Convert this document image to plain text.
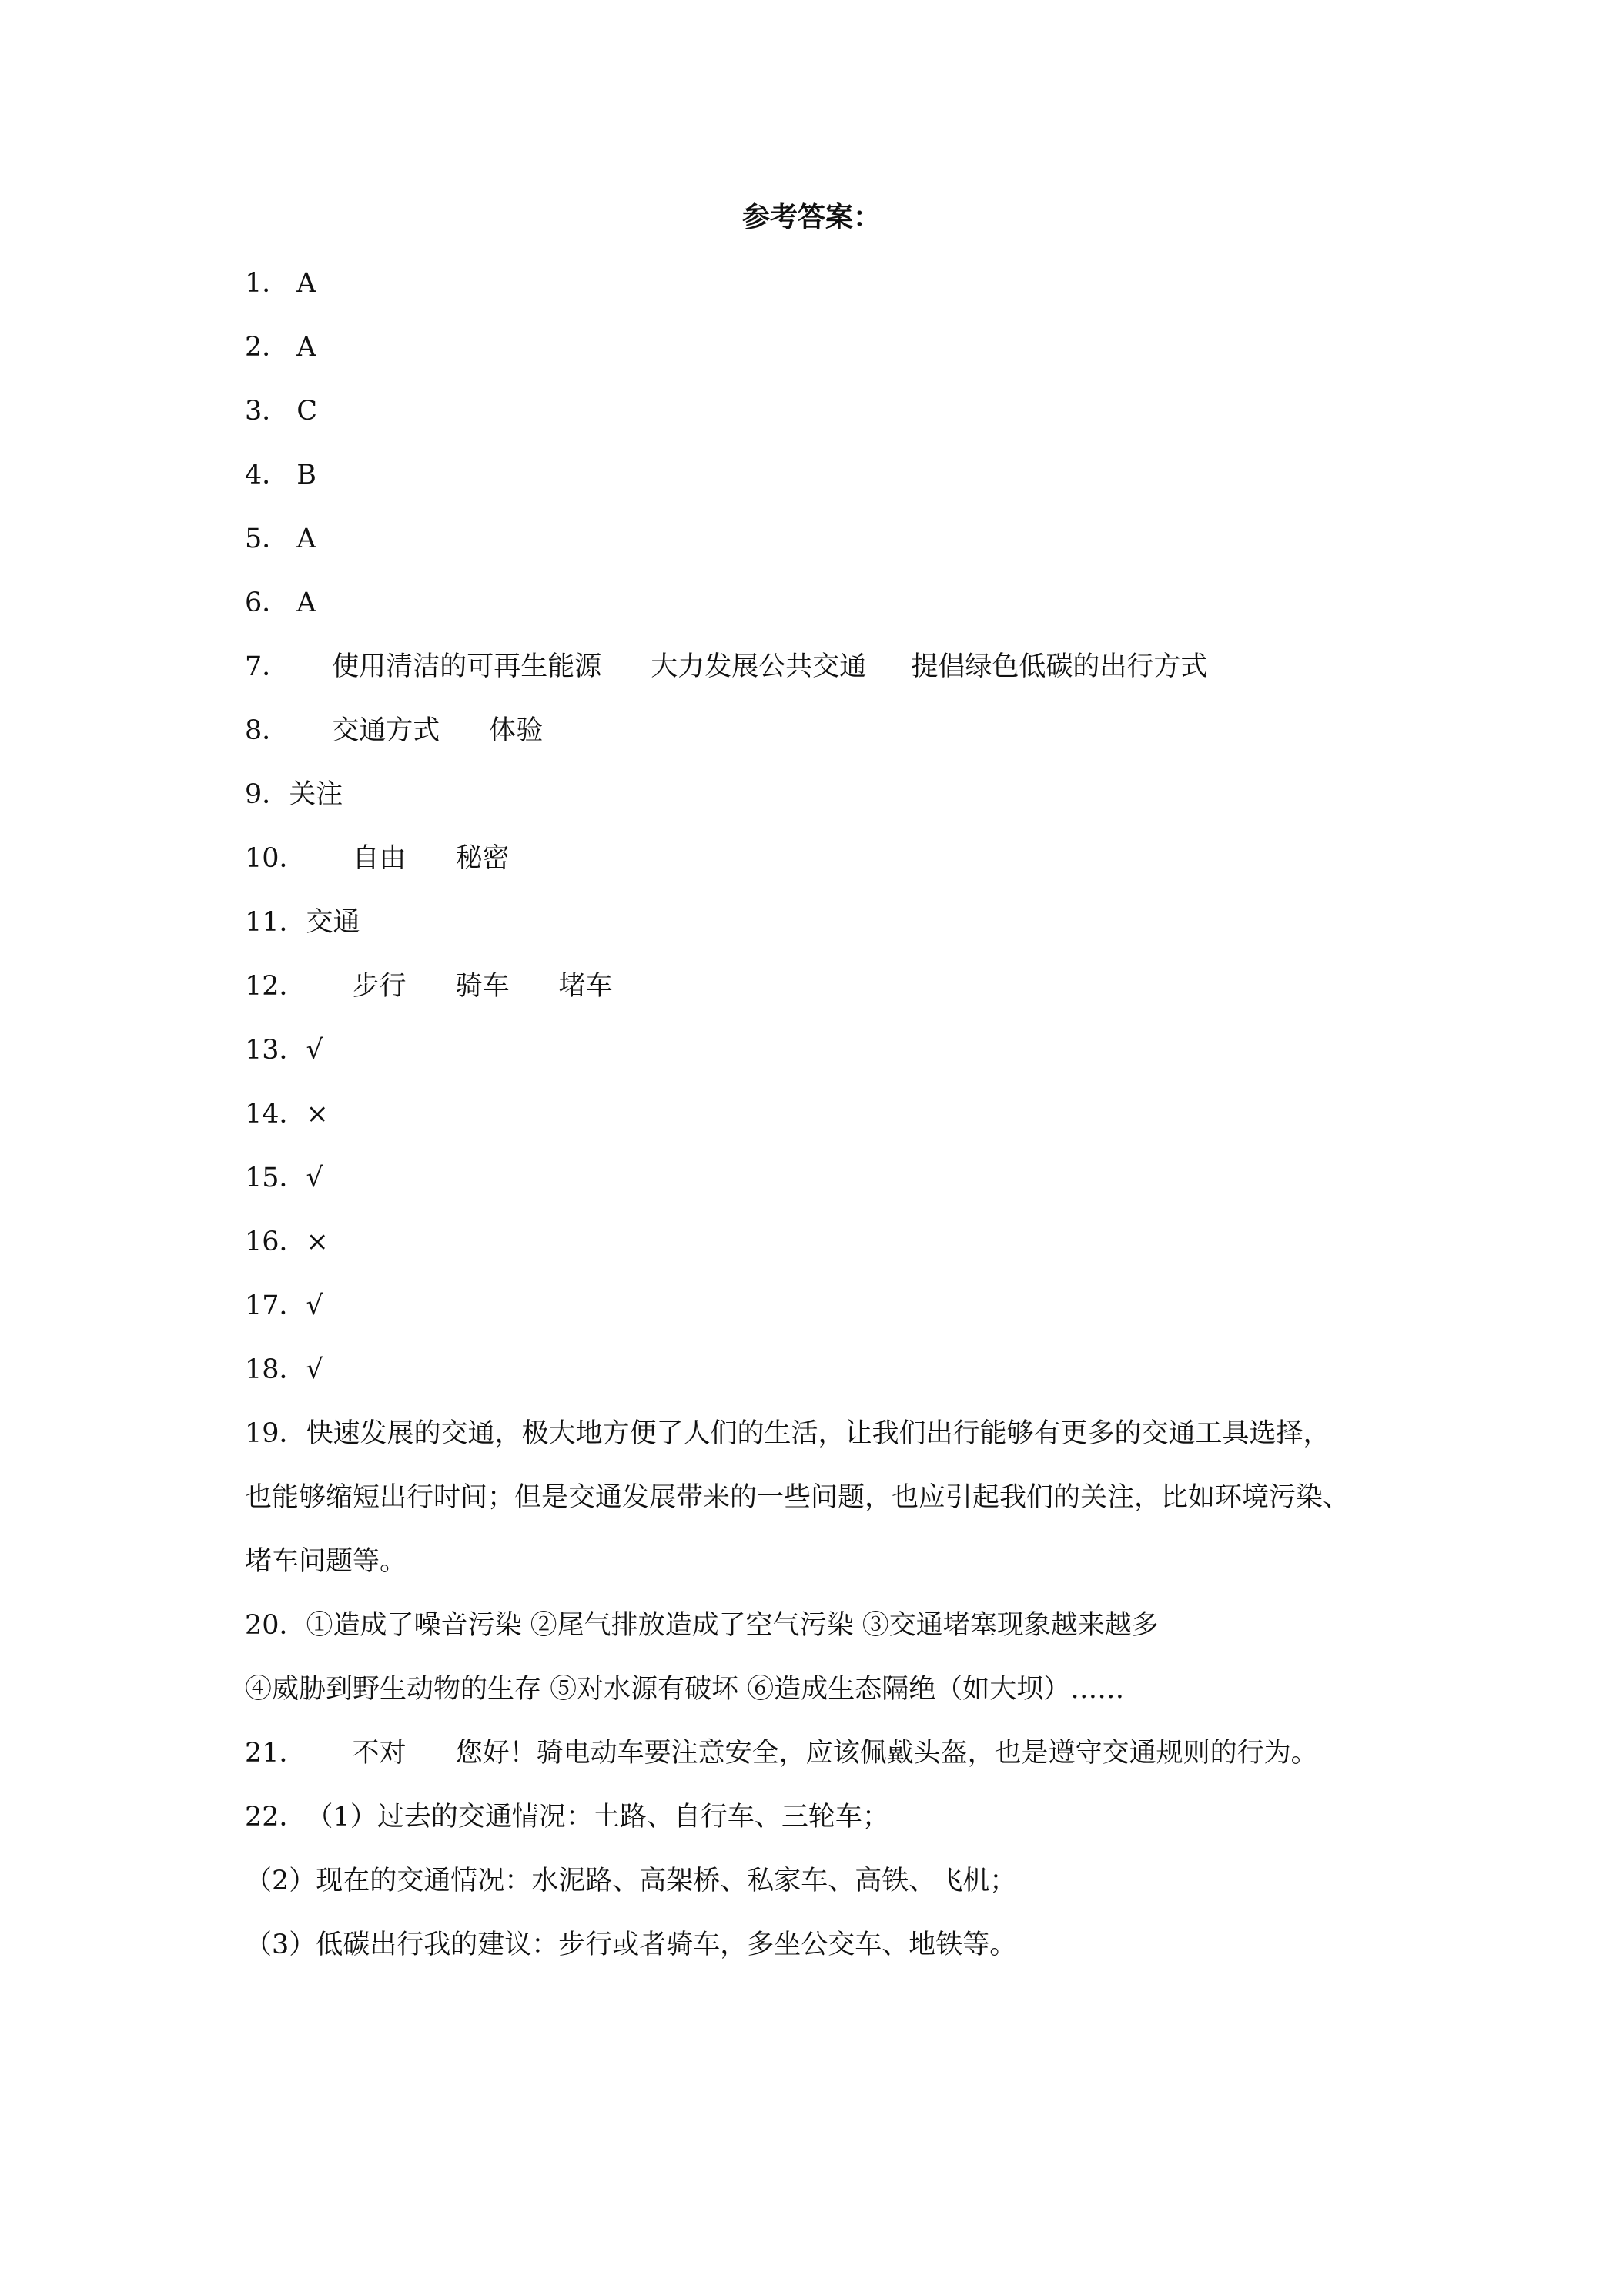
参考答案：
1． A
2． A
3． C
4． B
5． A
6． A
7． 使用清洁的可再生能源 大力发展公共交通 提倡绿色低碳的出行方式
8． 交通方式 体验
9． 关注
10． 自由 秘密
11． 交通
12． 步行 骑车 堵车
13． √
14． ×
15． √
16． ×
17． √
18． √
19．快速发展的交通，极大地方便了人们的生活，让我们出行能够有更多的交通工具选择，
也能够缩短出行时间；但是交通发展带来的一些问题，也应引起我们的关注，比如环境污染、
堵车问题等。
20．①造成了噪音污染 ②尾气排放造成了空气污染 ③交通堵塞现象越来越多
④威胁到野生动物的生存 ⑤对水源有破坏 ⑥造成生态隔绝（如大坝）……
21． 不对 您好！骑电动车要注意安全，应该佩戴头盔，也是遵守交通规则的行为。
22．（1）过去的交通情况：土路、自行车、三轮车；
（2）现在的交通情况：水泥路、高架桥、私家车、高铁、飞机；
（3）低碳出行我的建议：步行或者骑车，多坐公交车、地铁等。
